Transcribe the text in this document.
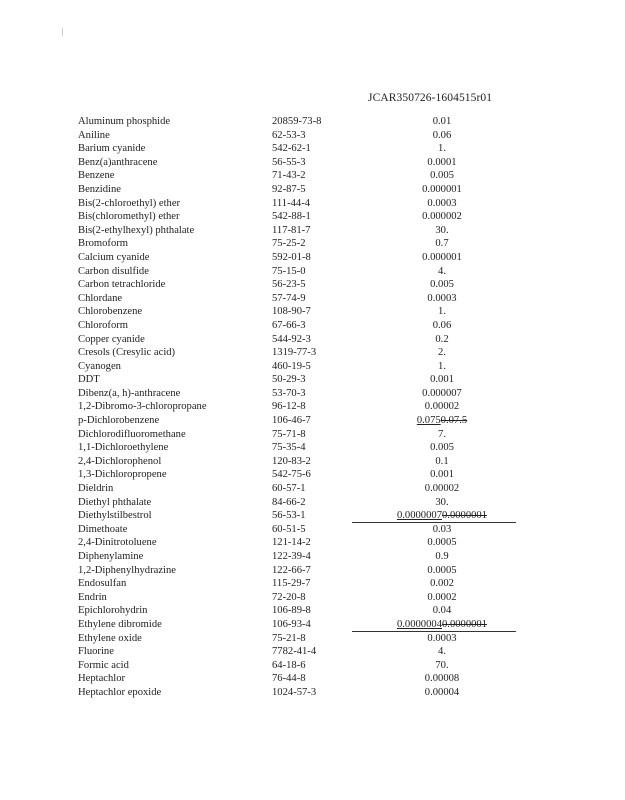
JCAR350726-1604515r01
Aluminum phosphide	20859-73-8	0.01
Aniline	62-53-3	0.06
Barium cyanide	542-62-1	1.
Benz(a)anthracene	56-55-3	0.0001
Benzene	71-43-2	0.005
Benzidine	92-87-5	0.000001
Bis(2-chloroethyl) ether	111-44-4	0.0003
Bis(chloromethyl) ether	542-88-1	0.000002
Bis(2-ethylhexyl) phthalate	117-81-7	30.
Bromoform	75-25-2	0.7
Calcium cyanide	592-01-8	0.000001
Carbon disulfide	75-15-0	4.
Carbon tetrachloride	56-23-5	0.005
Chlordane	57-74-9	0.0003
Chlorobenzene	108-90-7	1.
Chloroform	67-66-3	0.06
Copper cyanide	544-92-3	0.2
Cresols (Cresylic acid)	1319-77-3	2.
Cyanogen	460-19-5	1.
DDT	50-29-3	0.001
Dibenz(a, h)-anthracene	53-70-3	0.000007
1,2-Dibromo-3-chloropropane	96-12-8	0.00002
p-Dichlorobenzene	106-46-7	0.0750.07.5
Dichlorodifluoromethane	75-71-8	7.
1,1-Dichloroethylene	75-35-4	0.005
2,4-Dichlorophenol	120-83-2	0.1
1,3-Dichloropropene	542-75-6	0.001
Dieldrin	60-57-1	0.00002
Diethyl phthalate	84-66-2	30.
Diethylstilbestrol	56-53-1	0.00000070.0000001
Dimethoate	60-51-5	0.03
2,4-Dinitrotoluene	121-14-2	0.0005
Diphenylamine	122-39-4	0.9
1,2-Diphenylhydrazine	122-66-7	0.0005
Endosulfan	115-29-7	0.002
Endrin	72-20-8	0.0002
Epichlorohydrin	106-89-8	0.04
Ethylene dibromide	106-93-4	0.00000040.0000001
Ethylene oxide	75-21-8	0.0003
Fluorine	7782-41-4	4.
Formic acid	64-18-6	70.
Heptachlor	76-44-8	0.00008
Heptachlor epoxide	1024-57-3	0.00004
